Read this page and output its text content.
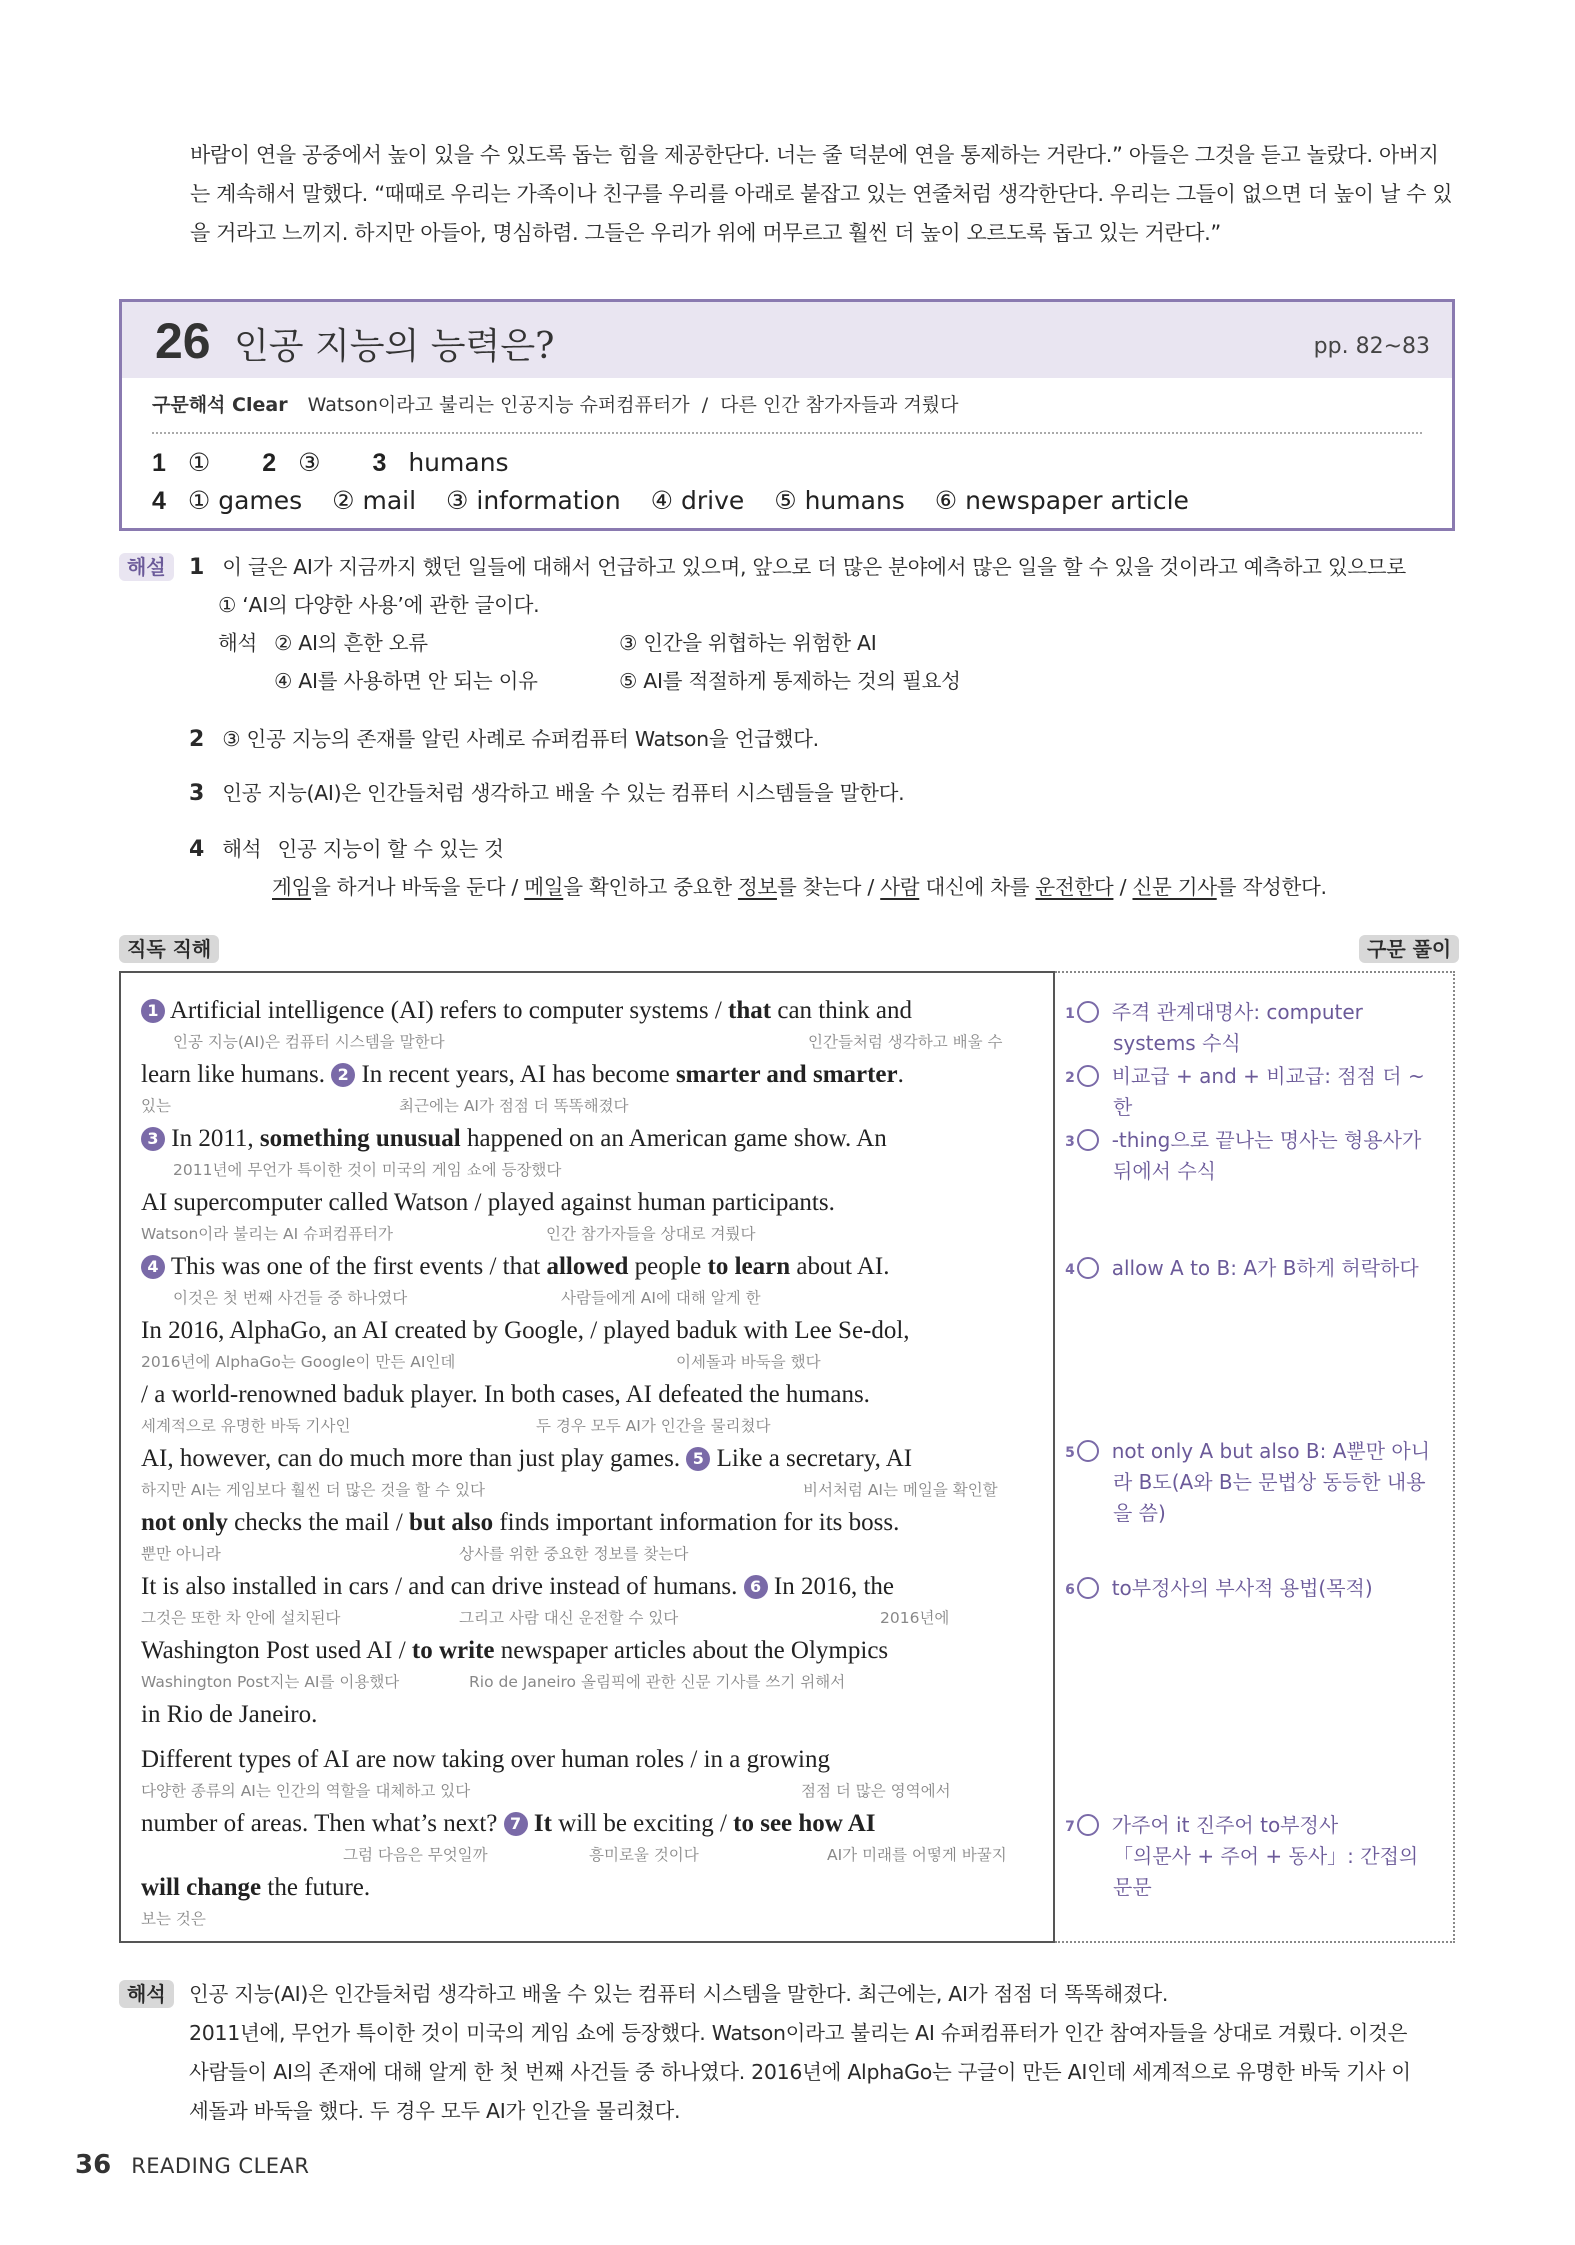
바람이 연을 공중에서 높이 있을 수 있도록 돕는 힘을 제공한단다. 너는 줄 덕분에 연을 통제하는 거란다.” 아들은 그것을 듣고 놀랐다. 아버지
는 계속해서 말했다. “때때로 우리는 가족이나 친구를 우리를 아래로 붙잡고 있는 연줄처럼 생각한단다. 우리는 그들이 없으면 더 높이 날 수 있
을 거라고 느끼지. 하지만 아들아, 명심하렴. 그들은 우리가 위에 머무르고 훨씬 더 높이 오르도록 돕고 있는 거란다.”
26 인공 지능의 능력은?	pp. 82~83
구문해석 Clear Watson이라고 불리는 인공지능 슈퍼컴퓨터가 / 다른 인간 참가자들과 겨뤘다
1 ① 2 ③ 3 humans
4 ① games ② mail ③ information ④ drive ⑤ humans ⑥ newspaper article
해설	1 이 글은 AI가 지금까지 했던 일들에 대해서 언급하고 있으며, 앞으로 더 많은 분야에서 많은 일을 할 수 있을 것이라고 예측하고 있으므로
① ‘AI의 다양한 사용’에 관한 글이다.
해석 ② AI의 흔한 오류	③ 인간을 위협하는 위험한 AI
④ AI를 사용하면 안 되는 이유	⑤ AI를 적절하게 통제하는 것의 필요성
2 ③ 인공 지능의 존재를 알린 사례로 슈퍼컴퓨터 Watson을 언급했다.
3 인공 지능(AI)은 인간들처럼 생각하고 배울 수 있는 컴퓨터 시스템들을 말한다.
4 해석 인공 지능이 할 수 있는 것
게임을 하거나 바둑을 둔다 / 메일을 확인하고 중요한 정보를 찾는다 / 사람 대신에 차를 운전한다 / 신문 기사를 작성한다.
직독 직해	구문 풀이
1 Artificial intelligence (AI) refers to computer systems / that can think and
인공 지능(AI)은 컴퓨터 시스템을 말한다	인간들처럼 생각하고 배울 수
learn like humans. 2 In recent years, AI has become smarter and smarter.
있는	최근에는 AI가 점점 더 똑똑해졌다
3 In 2011, something unusual happened on an American game show. An
2011년에 무언가 특이한 것이 미국의 게임 쇼에 등장했다
AI supercomputer called Watson / played against human participants.
Watson이라 불리는 AI 슈퍼컴퓨터가	인간 참가자들을 상대로 겨뤘다
4 This was one of the first events / that allowed people to learn about AI.
이것은 첫 번째 사건들 중 하나였다	사람들에게 AI에 대해 알게 한
In 2016, AlphaGo, an AI created by Google, / played baduk with Lee Se-dol,
2016년에 AlphaGo는 Google이 만든 AI인데	이세돌과 바둑을 했다
/ a world-renowned baduk player. In both cases, AI defeated the humans.
세계적으로 유명한 바둑 기사인	두 경우 모두 AI가 인간을 물리쳤다
AI, however, can do much more than just play games. 5 Like a secretary, AI
하지만 AI는 게임보다 훨씬 더 많은 것을 할 수 있다	비서처럼 AI는 메일을 확인할
not only checks the mail / but also finds important information for its boss.
뿐만 아니라	상사를 위한 중요한 정보를 찾는다
It is also installed in cars / and can drive instead of humans. 6 In 2016, the
그것은 또한 차 안에 설치된다	그리고 사람 대신 운전할 수 있다	2016년에
Washington Post used AI / to write newspaper articles about the Olympics
Washington Post지는 AI를 이용했다	Rio de Janeiro 올림픽에 관한 신문 기사를 쓰기 위해서
in Rio de Janeiro.
Different types of AI are now taking over human roles / in a growing
다양한 종류의 AI는 인간의 역할을 대체하고 있다	점점 더 많은 영역에서
number of areas. Then what’s next? 7 It will be exciting / to see how AI
그럼 다음은 무엇일까	흥미로울 것이다	AI가 미래를 어떻게 바꿀지
will change the future.
보는 것은
1 주격 관계대명사: computer systems 수식
2 비교급 + and + 비교급: 점점 더 ~한
3 -thing으로 끝나는 명사는 형용사가 뒤에서 수식
4 allow A to B: A가 B하게 허락하다
5 not only A but also B: A뿐만 아니라 B도(A와 B는 문법상 동등한 내용을 씀)
6 to부정사의 부사적 용법(목적)
7 가주어 it 진주어 to부정사
「의문사 + 주어 + 동사」: 간접의문문
해석	인공 지능(AI)은 인간들처럼 생각하고 배울 수 있는 컴퓨터 시스템을 말한다. 최근에는, AI가 점점 더 똑똑해졌다.
2011년에, 무언가 특이한 것이 미국의 게임 쇼에 등장했다. Watson이라고 불리는 AI 슈퍼컴퓨터가 인간 참여자들을 상대로 겨뤘다. 이것은
사람들이 AI의 존재에 대해 알게 한 첫 번째 사건들 중 하나였다. 2016년에 AlphaGo는 구글이 만든 AI인데 세계적으로 유명한 바둑 기사 이
세돌과 바둑을 했다. 두 경우 모두 AI가 인간을 물리쳤다.
36 READING CLEAR
